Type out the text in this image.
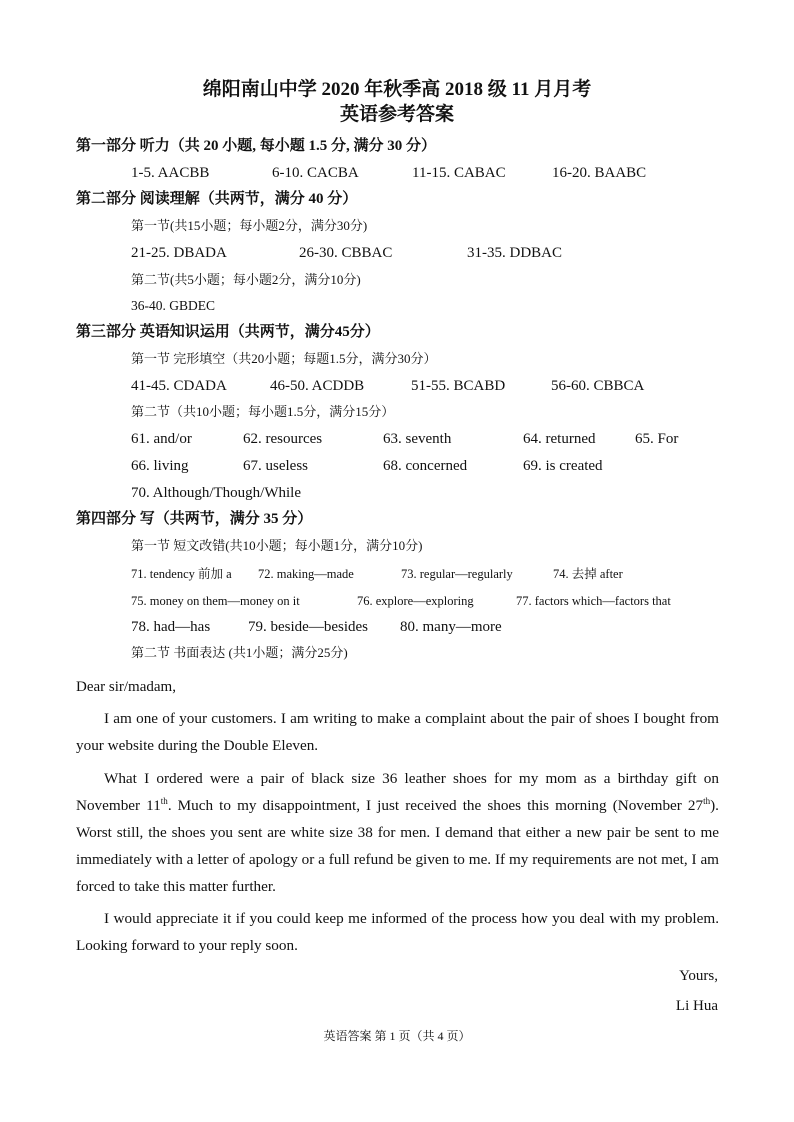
绵阳南山中学 2020 年秋季高 2018 级 11 月月考
英语参考答案
第一部分 听力（共 20 小题, 每小题 1.5 分, 满分 30 分）
1-5. AACBB	6-10. CACBA	11-15. CABAC	16-20. BAABC
第二部分 阅读理解（共两节，满分 40 分）
第一节(共15小题；每小题2分，满分30分)
21-25. DBADA	26-30. CBBAC	31-35. DDBAC
第二节(共5小题；每小题2分，满分10分)
36-40. GBDEC
第三部分 英语知识运用（共两节，满分45分）
第一节 完形填空（共20小题；每题1.5分，满分30分）
41-45. CDADA	46-50. ACDDB	51-55. BCABD	56-60. CBBCA
第二节（共10小题；每小题1.5分，满分15分）
61. and/or	62. resources	63. seventh	64. returned	65. For
66. living	67. useless	68. concerned	69. is created
70. Although/Though/While
第四部分 写（共两节，满分 35 分）
第一节 短文改错(共10小题；每小题1分，满分10分)
71. tendency 前加 a 72. making—made	73. regular—regularly	74. 去掉 after
75. money on them—money on it	76. explore—exploring	77. factors which—factors that
78. had—has	79. beside—besides 80. many—more
第二节 书面表达 (共1小题；满分25分)
Dear sir/madam,
I am one of your customers. I am writing to make a complaint about the pair of shoes I bought from your website during the Double Eleven.
What I ordered were a pair of black size 36 leather shoes for my mom as a birthday gift on November 11th. Much to my disappointment, I just received the shoes this morning (November 27th). Worst still, the shoes you sent are white size 38 for men. I demand that either a new pair be sent to me immediately with a letter of apology or a full refund be given to me. If my requirements are not met, I am forced to take this matter further.
I would appreciate it if you could keep me informed of the process how you deal with my problem. Looking forward to your reply soon.
Yours,
Li Hua
英语答案 第 1 页（共 4 页）
